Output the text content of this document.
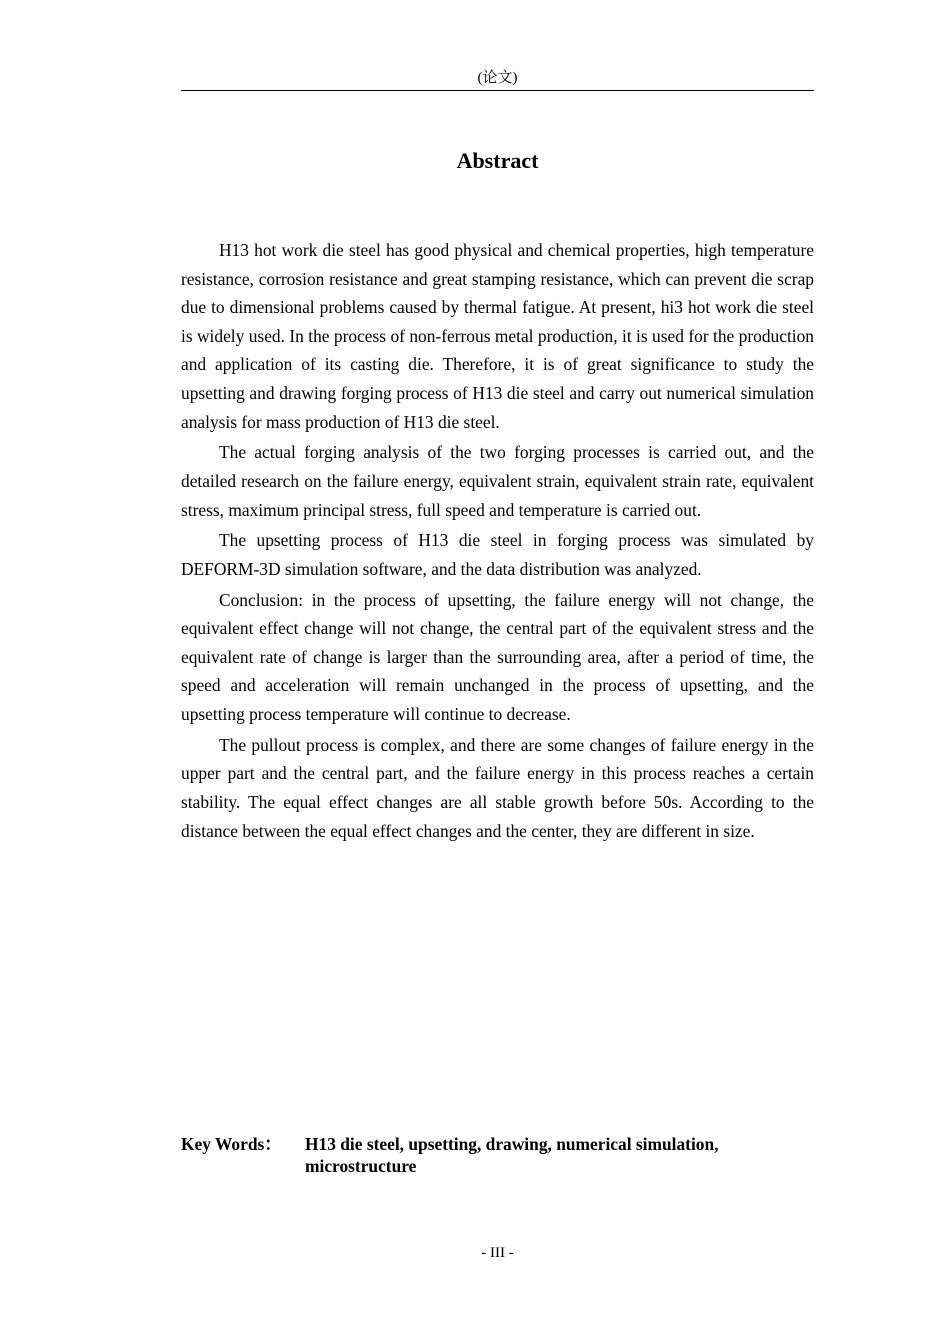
(论文)
Abstract

H13 hot work die steel has good physical and chemical properties, high temperature resistance, corrosion resistance and great stamping resistance, which can prevent die scrap due to dimensional problems caused by thermal fatigue. At present, hi3 hot work die steel is widely used. In the process of non-ferrous metal production, it is used for the production and application of its casting die. Therefore, it is of great significance to study the upsetting and drawing forging process of H13 die steel and carry out numerical simulation analysis for mass production of H13 die steel.

The actual forging analysis of the two forging processes is carried out, and the detailed research on the failure energy, equivalent strain, equivalent strain rate, equivalent stress, maximum principal stress, full speed and temperature is carried out.

The upsetting process of H13 die steel in forging process was simulated by DEFORM-3D simulation software, and the data distribution was analyzed.

Conclusion: in the process of upsetting, the failure energy will not change, the equivalent effect change will not change, the central part of the equivalent stress and the equivalent rate of change is larger than the surrounding area, after a period of time, the speed and acceleration will remain unchanged in the process of upsetting, and the upsetting process temperature will continue to decrease.

The pullout process is complex, and there are some changes of failure energy in the upper part and the central part, and the failure energy in this process reaches a certain stability. The equal effect changes are all stable growth before 50s. According to the distance between the equal effect changes and the center, they are different in size.

Key Words：	H13 die steel, upsetting, drawing, numerical simulation, microstructure
- III -
